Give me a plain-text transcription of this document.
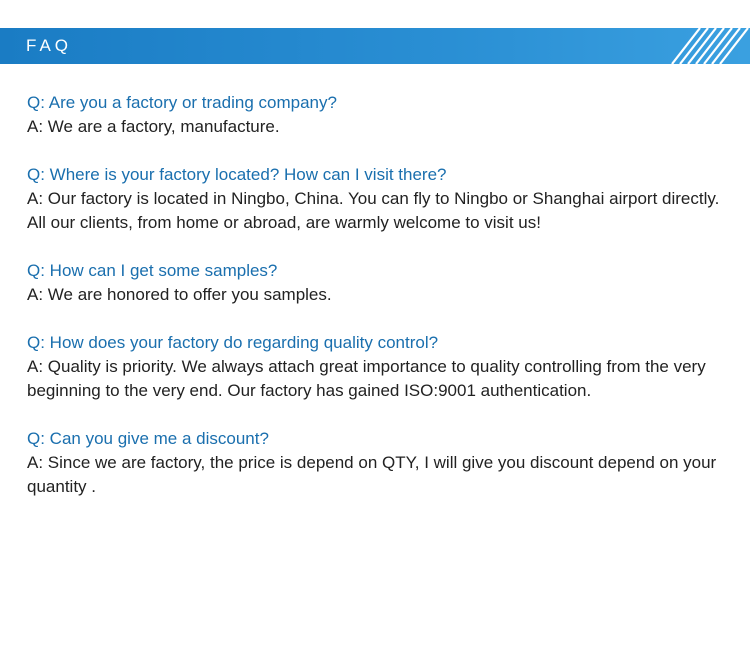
FAQ

Q: Are you a factory or trading company?

A: We are a factory, manufacture.

Q: Where is your factory located? How can I visit there?

A: Our factory is located in Ningbo, China. You can fly to Ningbo or Shanghai airport directly. All our clients, from home or abroad, are warmly welcome to visit us!

Q: How can I get some samples?

A: We are honored to offer you samples.

Q: How does your factory do regarding quality control?

A: Quality is priority. We always attach great importance to quality controlling from the very beginning to the very end. Our factory has gained ISO:9001 authentication.

Q: Can you give me a discount?

A: Since we are factory, the price is depend on QTY, I will give you discount depend on your quantity .
